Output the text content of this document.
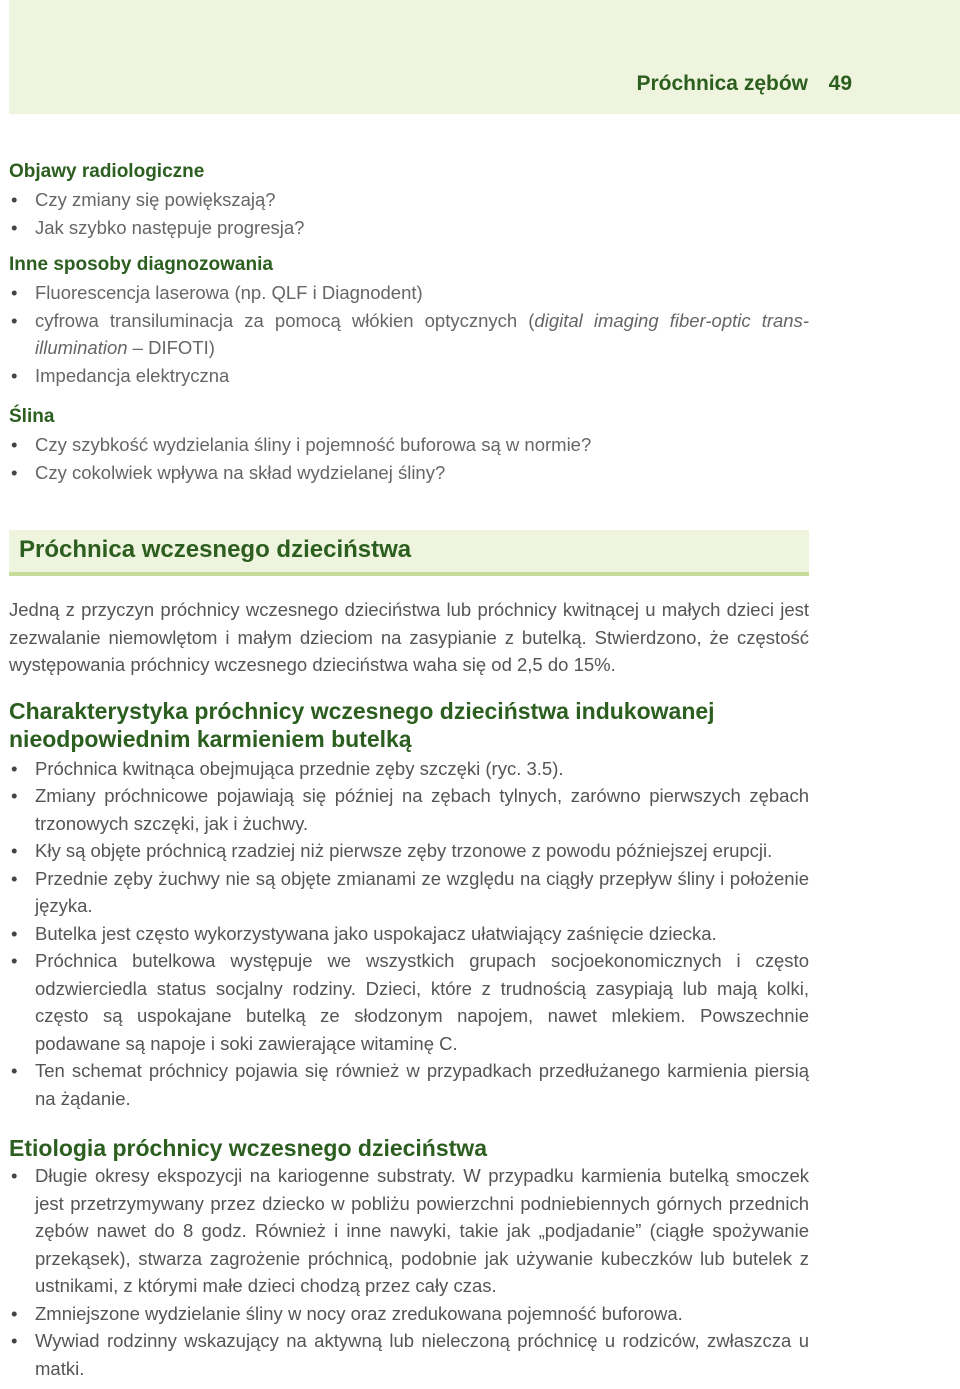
Próchnica zębów 49

Objawy radiologiczne

• Czy zmiany się powiększają?
• Jak szybko następuje progresja?

Inne sposoby diagnozowania

• Fluorescencja laserowa (np. QLF i Diagnodent)
• cyfrowa transiluminacja za pomocą włókien optycznych (digital imaging fiber-optic trans-illumination – DIFOTI)
• Impedancja elektryczna

Ślina

• Czy szybkość wydzielania śliny i pojemność buforowa są w normie?
• Czy cokolwiek wpływa na skład wydzielanej śliny?
Próchnica wczesnego dzieciństwa

Jedną z przyczyn próchnicy wczesnego dzieciństwa lub próchnicy kwitnącej u małych dzieci jest zezwalanie niemowlętom i małym dzieciom na zasypianie z butelką. Stwierdzono, że częstość występowania próchnicy wczesnego dzieciństwa waha się od 2,5 do 15%.

Charakterystyka próchnicy wczesnego dzieciństwa indukowanej nieodpowiednim karmieniem butelką

• Próchnica kwitnąca obejmująca przednie zęby szczęki (ryc. 3.5).
• Zmiany próchnicowe pojawiają się później na zębach tylnych, zarówno pierwszych zębach trzonowych szczęki, jak i żuchwy.
• Kły są objęte próchnicą rzadziej niż pierwsze zęby trzonowe z powodu późniejszej erupcji.
• Przednie zęby żuchwy nie są objęte zmianami ze względu na ciągły przepływ śliny i położenie języka.
• Butelka jest często wykorzystywana jako uspokajacz ułatwiający zaśnięcie dziecka.
• Próchnica butelkowa występuje we wszystkich grupach socjoekonomicznych i często odzwierciedla status socjalny rodziny. Dzieci, które z trudnością zasypiają lub mają kolki, często są uspokajane butelką ze słodzonym napojem, nawet mlekiem. Powszechnie podawane są napoje i soki zawierające witaminę C.
• Ten schemat próchnicy pojawia się również w przypadkach przedłużanego karmienia piersią na żądanie.

Etiologia próchnicy wczesnego dzieciństwa

• Długie okresy ekspozycji na kariogenne substraty. W przypadku karmienia butelką smoczek jest przetrzymywany przez dziecko w pobliżu powierzchni podniebiennych górnych przednich zębów nawet do 8 godz. Również i inne nawyki, takie jak „podjadanie” (ciągłe spożywanie przekąsek), stwarza zagrożenie próchnicą, podobnie jak używanie kubeczków lub butelek z ustnikami, z którymi małe dzieci chodzą przez cały czas.
• Zmniejszone wydzielanie śliny w nocy oraz zredukowana pojemność buforowa.
• Wywiad rodzinny wskazujący na aktywną lub nieleczoną próchnicę u rodziców, zwłaszcza u matki.
